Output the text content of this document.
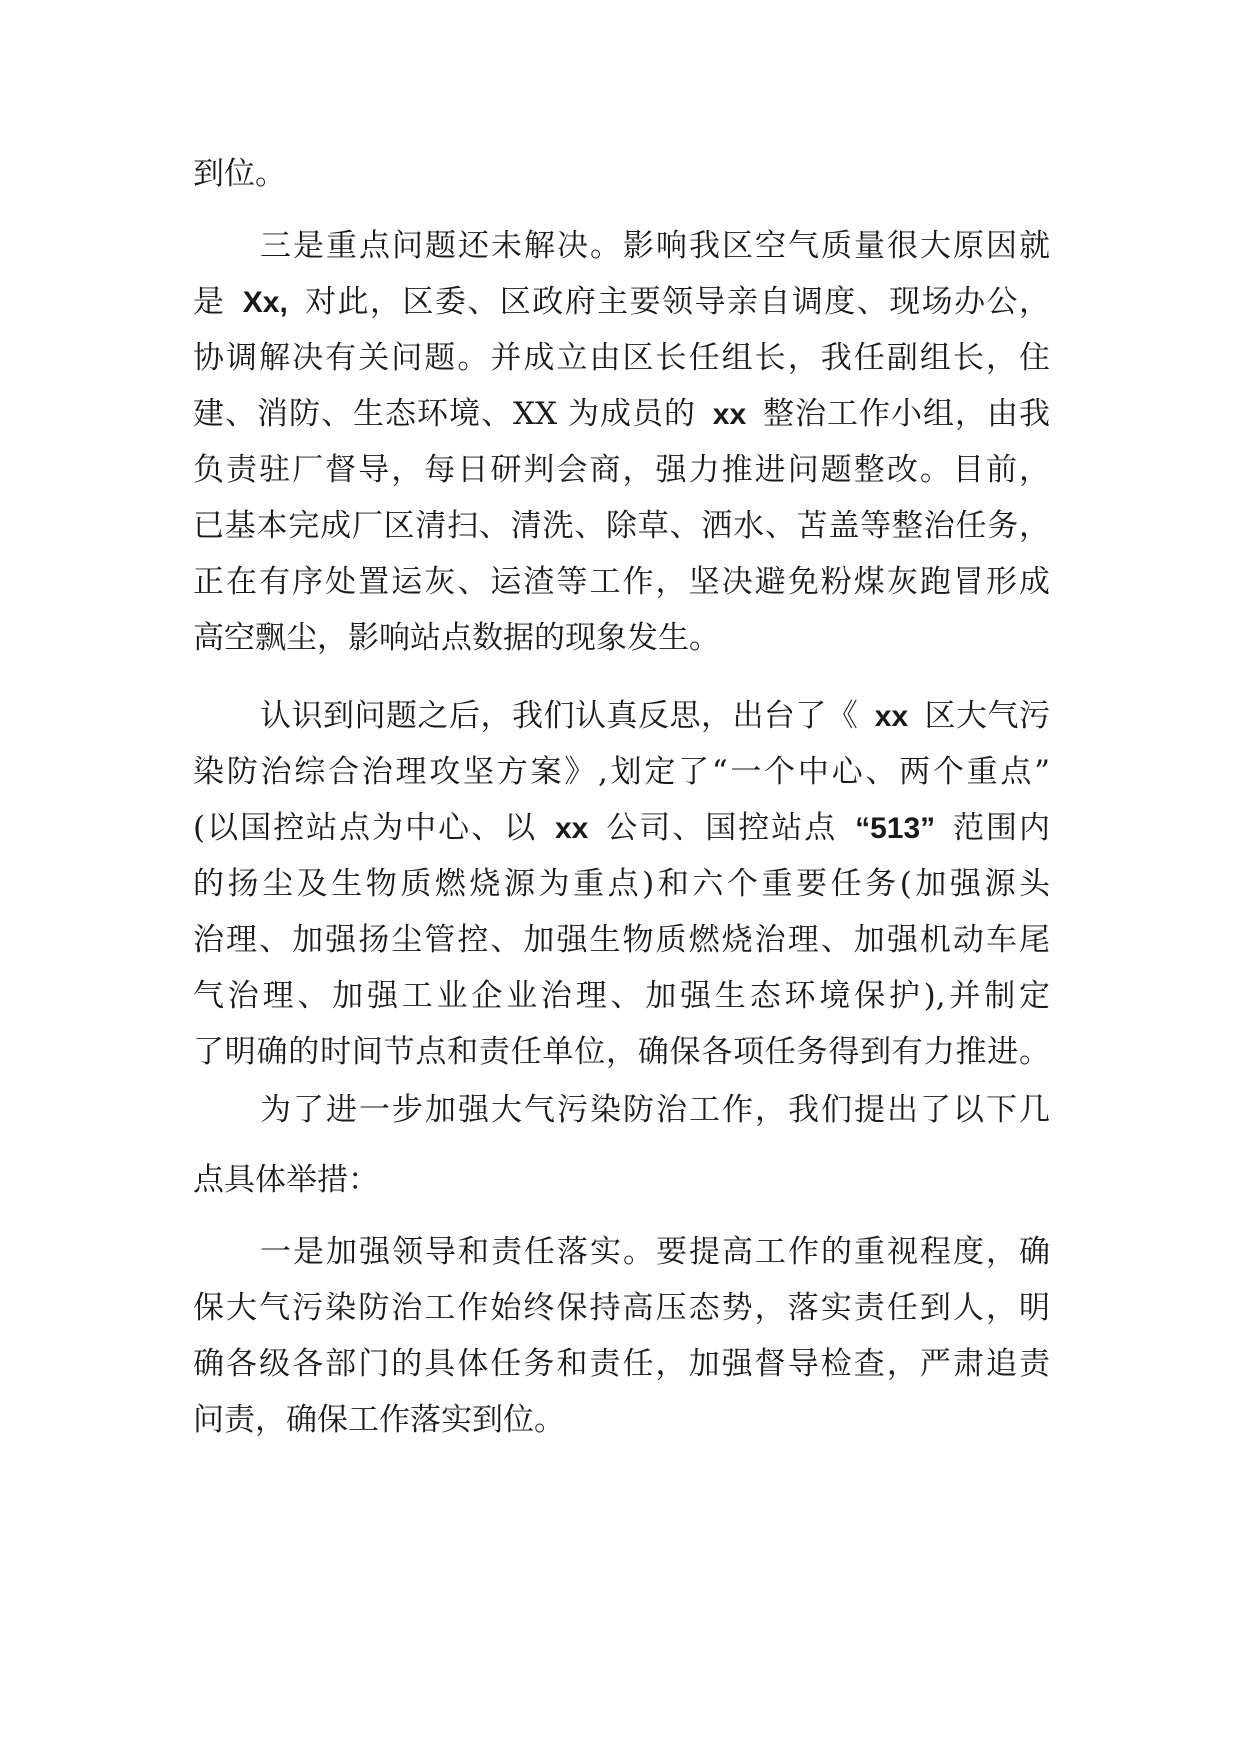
到位。
三是重点问题还未解决。影响我区空气质量很大原因就
是 Xx, 对此，区委、区政府主要领导亲自调度、现场办公，
协调解决有关问题。并成立由区长任组长，我任副组长，住
建、消防、生态环境、XX 为成员的 xx 整治工作小组，由我
负责驻厂督导，每日研判会商，强力推进问题整改。目前，
已基本完成厂区清扫、清洗、除草、洒水、苫盖等整治任务，
正在有序处置运灰、运渣等工作，坚决避免粉煤灰跑冒形成
高空飘尘，影响站点数据的现象发生。
认识到问题之后，我们认真反思，出台了《 xx 区大气污
染防治综合治理攻坚方案》,划定了“一个中心、两个重点”
(以国控站点为中心、以 xx 公司、国控站点 “513” 范围内
的扬尘及生物质燃烧源为重点)和六个重要任务(加强源头
治理、加强扬尘管控、加强生物质燃烧治理、加强机动车尾
气治理、加强工业企业治理、加强生态环境保护),并制定
了明确的时间节点和责任单位，确保各项任务得到有力推进。
为了进一步加强大气污染防治工作，我们提出了以下几
点具体举措：
一是加强领导和责任落实。要提高工作的重视程度，确
保大气污染防治工作始终保持高压态势，落实责任到人，明
确各级各部门的具体任务和责任，加强督导检查，严肃追责
问责，确保工作落实到位。
